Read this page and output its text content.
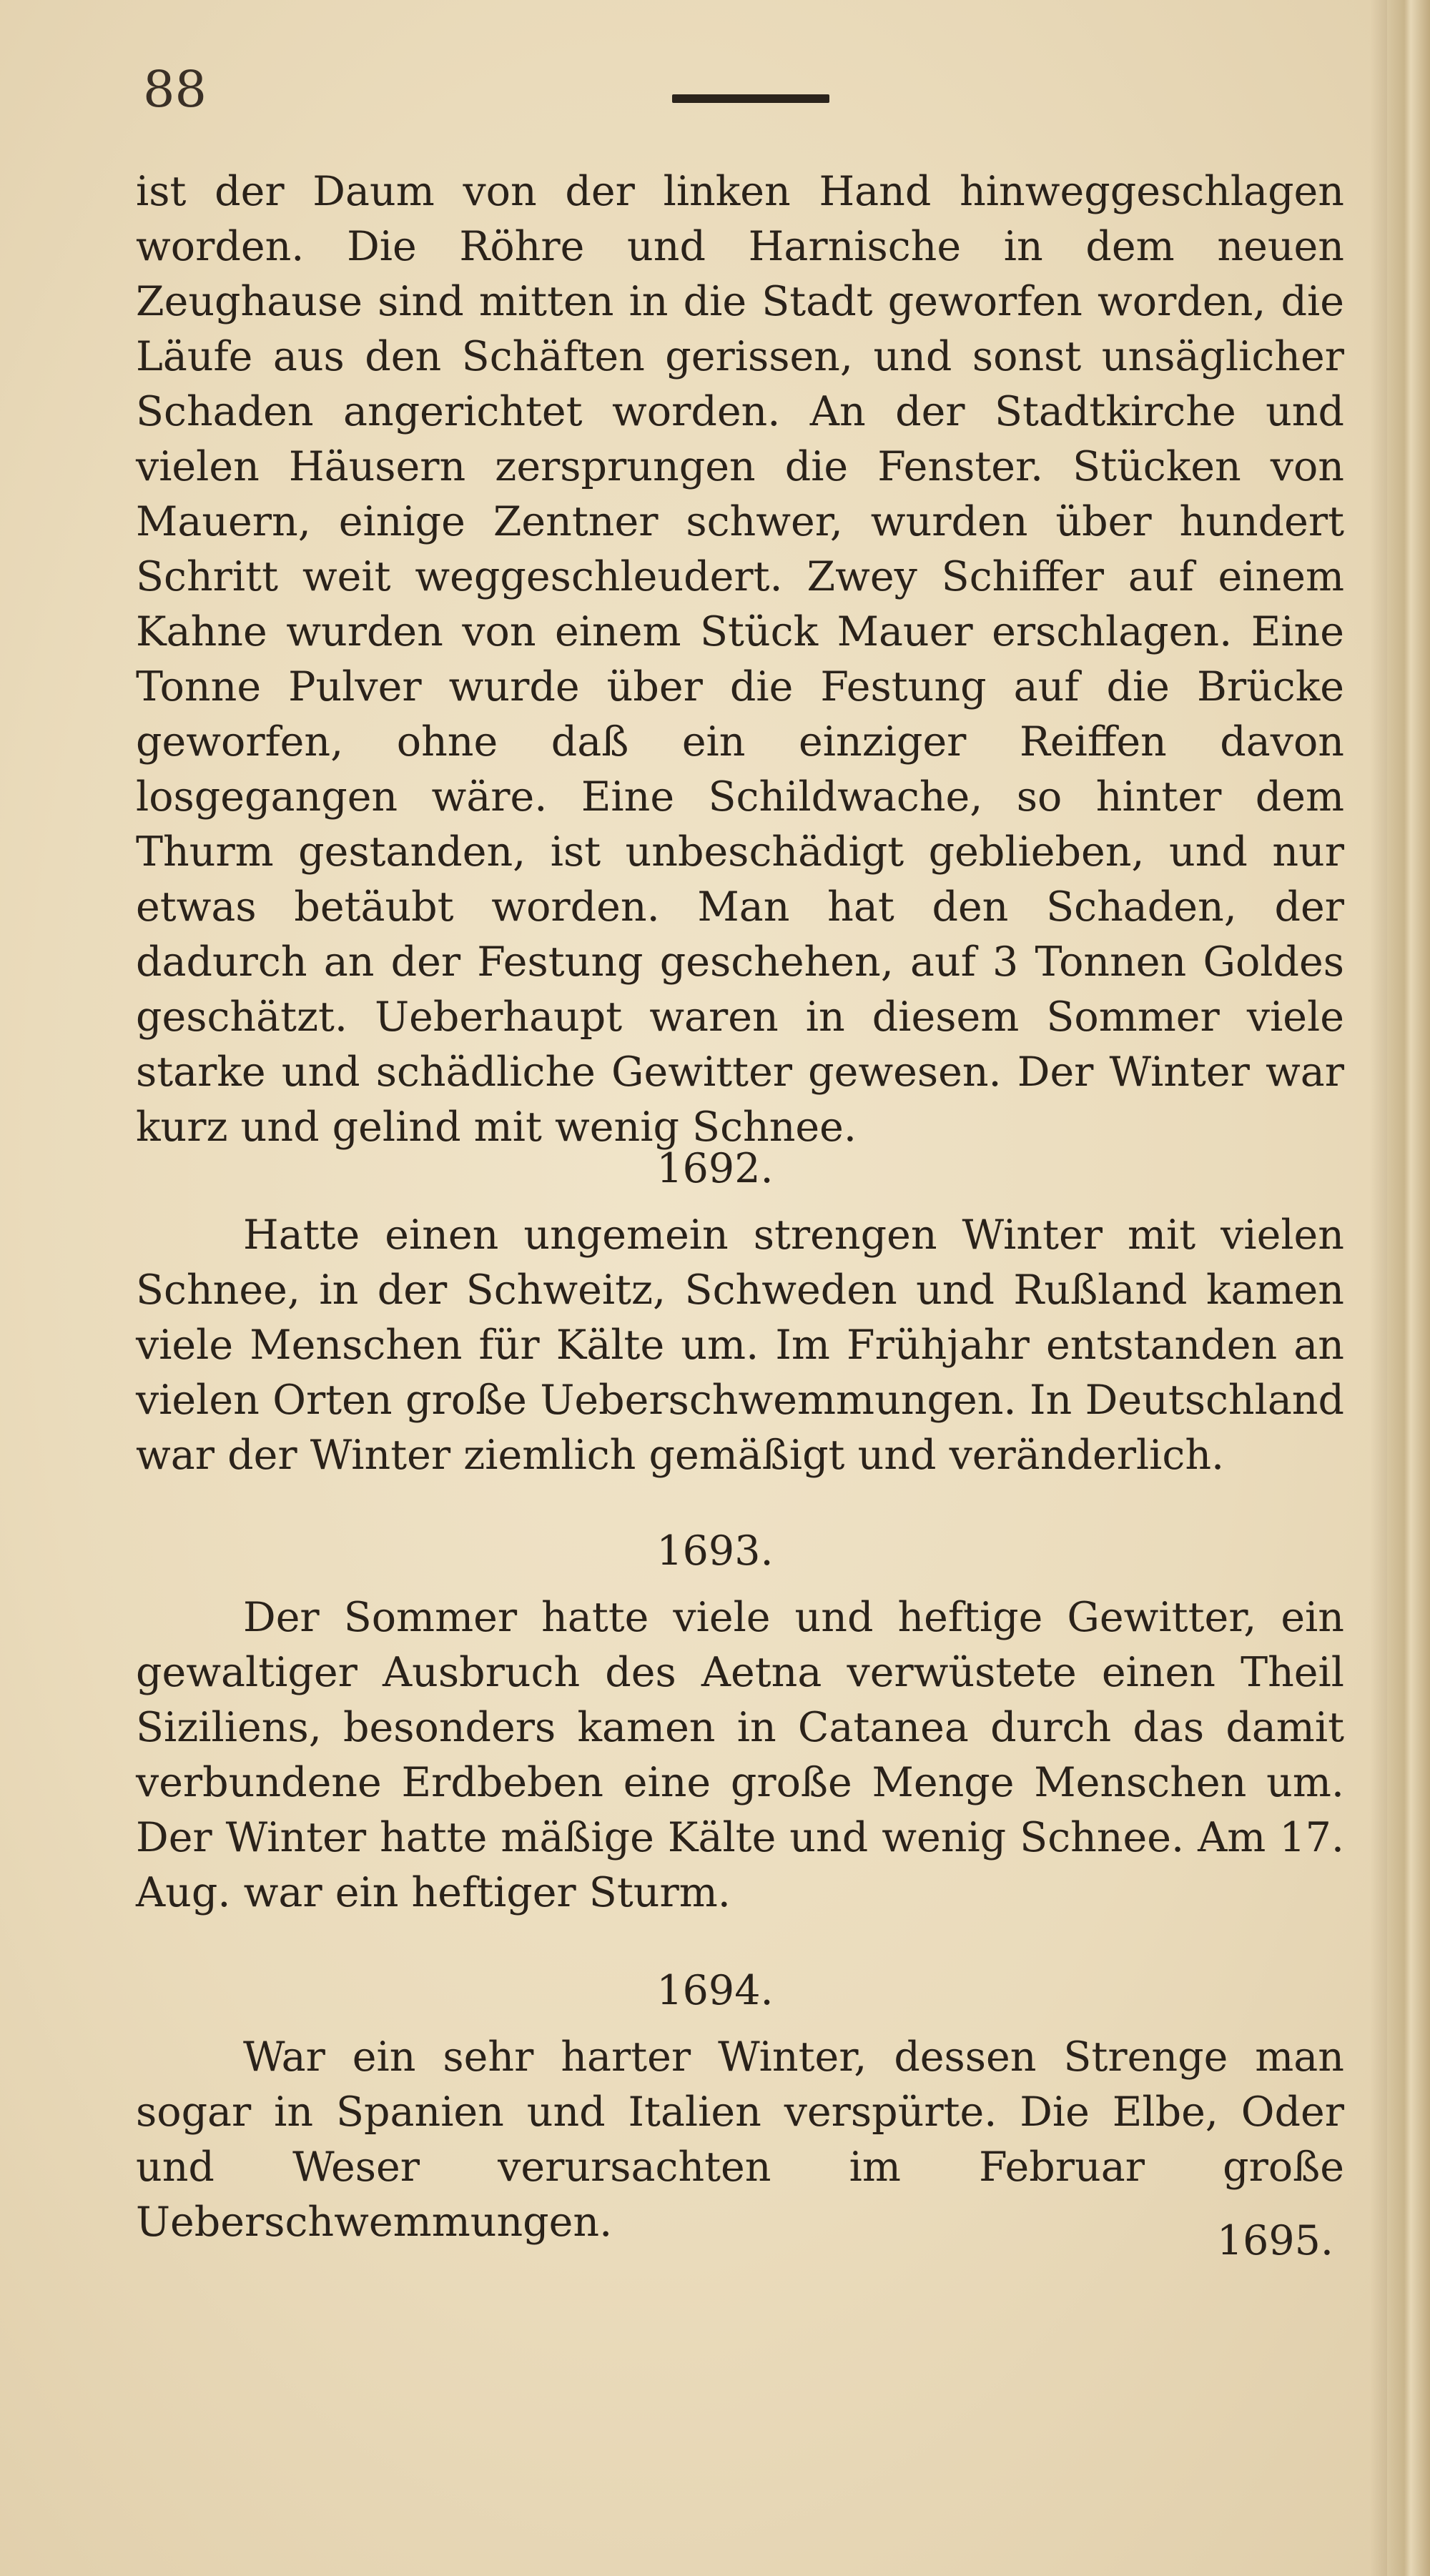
88

ist der Daum von der linken Hand hinweggeschlagen worden. Die Röhre und Harnische in dem neuen Zeughause sind mitten in die Stadt geworfen worden, die Läufe aus den Schäften gerissen, und sonst unsäglicher Schaden angerichtet worden. An der Stadtkirche und vielen Häusern zersprungen die Fenster. Stücken von Mauern, einige Zentner schwer, wurden über hundert Schritt weit weggeschleudert. Zwey Schiffer auf einem Kahne wurden von einem Stück Mauer erschlagen. Eine Tonne Pulver wurde über die Festung auf die Brücke geworfen, ohne daß ein einziger Reiffen davon losgegangen wäre. Eine Schildwache, so hinter dem Thurm gestanden, ist unbeschädigt geblieben, und nur etwas betäubt worden. Man hat den Schaden, der dadurch an der Festung geschehen, auf 3 Tonnen Goldes geschätzt. Ueberhaupt waren in diesem Sommer viele starke und schädliche Gewitter gewesen. Der Winter war kurz und gelind mit wenig Schnee.

1692.

Hatte einen ungemein strengen Winter mit vielen Schnee, in der Schweitz, Schweden und Rußland kamen viele Menschen für Kälte um. Im Frühjahr entstanden an vielen Orten große Ueberschwemmungen. In Deutschland war der Winter ziemlich gemäßigt und veränderlich.

1693.

Der Sommer hatte viele und heftige Gewitter, ein gewaltiger Ausbruch des Aetna verwüstete einen Theil Siziliens, besonders kamen in Catanea durch das damit verbundene Erdbeben eine große Menge Menschen um. Der Winter hatte mäßige Kälte und wenig Schnee. Am 17. Aug. war ein heftiger Sturm.

1694.

War ein sehr harter Winter, dessen Strenge man sogar in Spanien und Italien verspürte. Die Elbe, Oder und Weser verursachten im Februar große Ueberschwemmungen.	1695.
